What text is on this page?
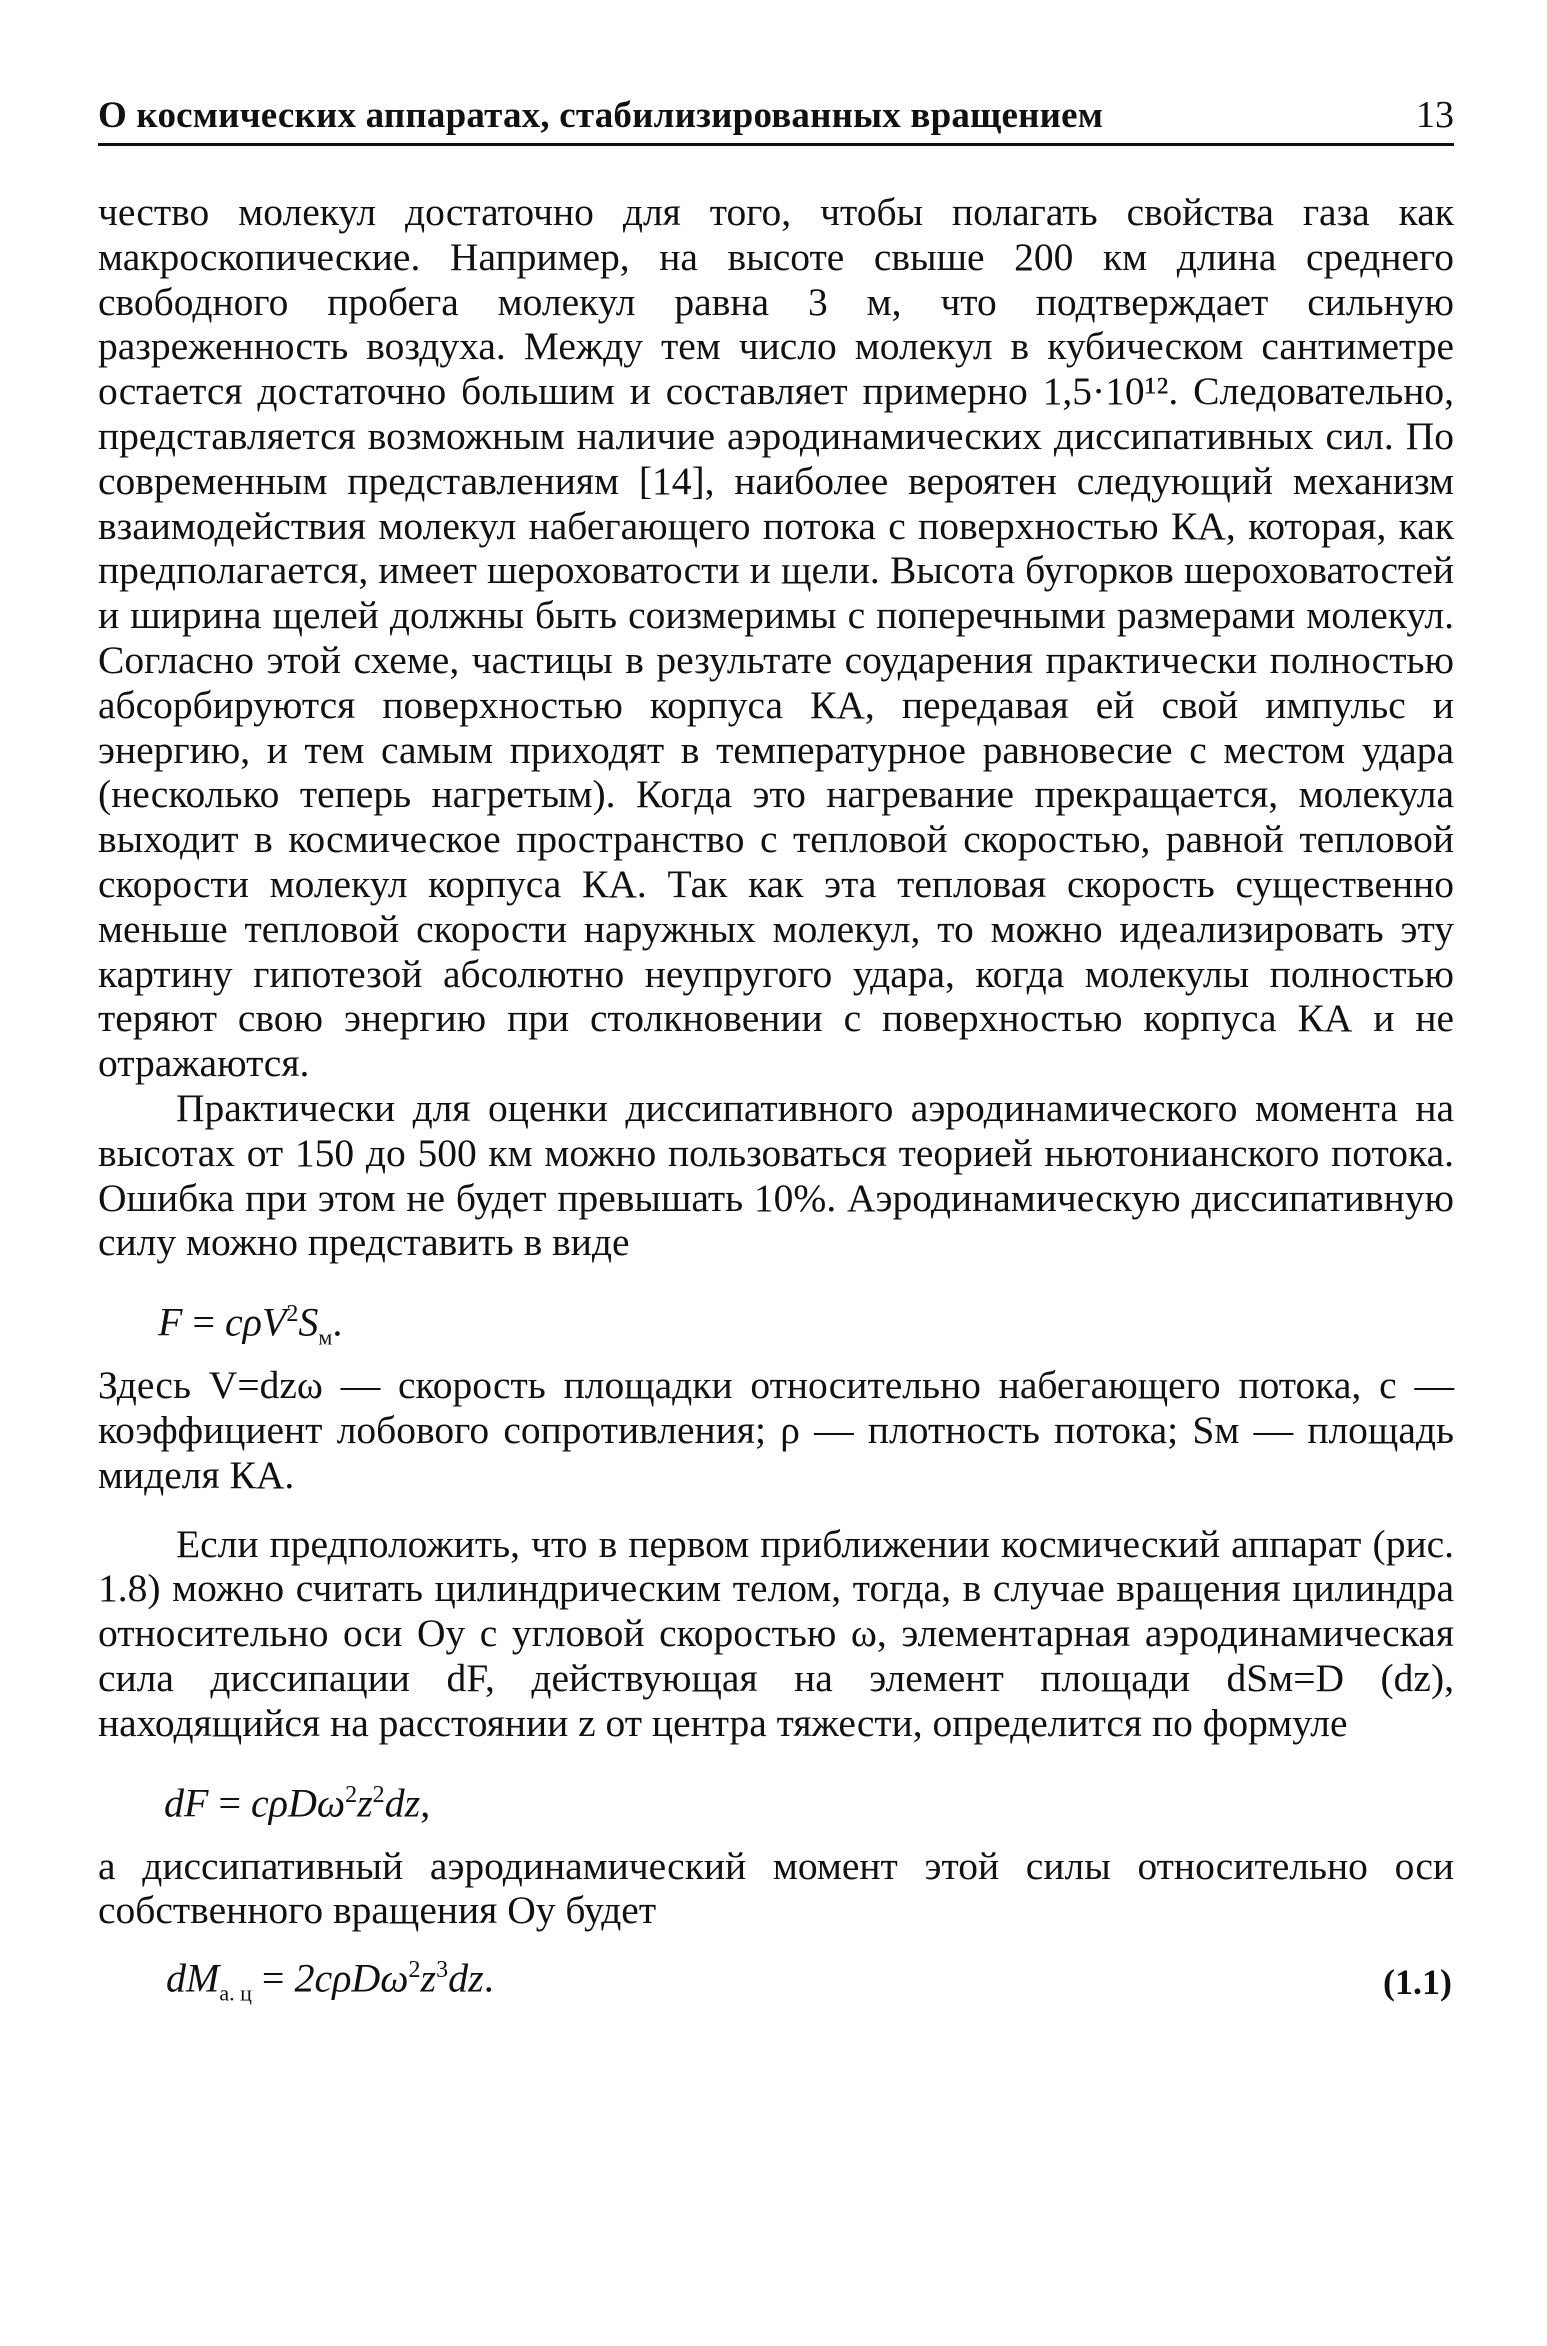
О космических аппаратах, стабилизированных вращением	13

чество молекул достаточно для того, чтобы полагать свойства газа как макроскопические. Например, на высоте свыше 200 км длина среднего свободного пробега молекул равна 3 м, что подтверждает сильную разреженность воздуха. Между тем число молекул в кубическом сантиметре остается достаточно большим и составляет примерно 1,5·10¹². Следовательно, представляется возможным наличие аэродинамических диссипативных сил. По современным представлениям [14], наиболее вероятен следующий механизм взаимодействия молекул набегающего потока с поверхностью КА, которая, как предполагается, имеет шероховатости и щели. Высота бугорков шероховатостей и ширина щелей должны быть соизмеримы с поперечными размерами молекул. Согласно этой схеме, частицы в результате соударения практически полностью абсорбируются поверхностью корпуса КА, передавая ей свой импульс и энергию, и тем самым приходят в температурное равновесие с местом удара (несколько теперь нагретым). Когда это нагревание прекращается, молекула выходит в космическое пространство с тепловой скоростью, равной тепловой скорости молекул корпуса КА. Так как эта тепловая скорость существенно меньше тепловой скорости наружных молекул, то можно идеализировать эту картину гипотезой абсолютно неупругого удара, когда молекулы полностью теряют свою энергию при столкновении с поверхностью корпуса КА и не отражаются.

Практически для оценки диссипативного аэродинамического момента на высотах от 150 до 500 км можно пользоваться теорией ньютонианского потока. Ошибка при этом не будет превышать 10%. Аэродинамическую диссипативную силу можно представить в виде

$F = c\rho V^2S_м$.

Здесь V=dzω — скорость площадки относительно набегающего потока, c — коэффициент лобового сопротивления; ρ — плотность потока; Sм — площадь миделя КА.

Если предположить, что в первом приближении космический аппарат (рис. 1.8) можно считать цилиндрическим телом, тогда, в случае вращения цилиндра относительно оси Oy с угловой скоростью ω, элементарная аэродинамическая сила диссипации dF, действующая на элемент площади dSм=D (dz), находящийся на расстоянии z от центра тяжести, определится по формуле

dF = $c\rho D\omega^2z^2dz$,

а диссипативный аэродинамический момент этой силы относительно оси собственного вращения Oy будет

$dM_{а. ц} = 2c\rho D\omega^2z^3dz$.	(1.1)
